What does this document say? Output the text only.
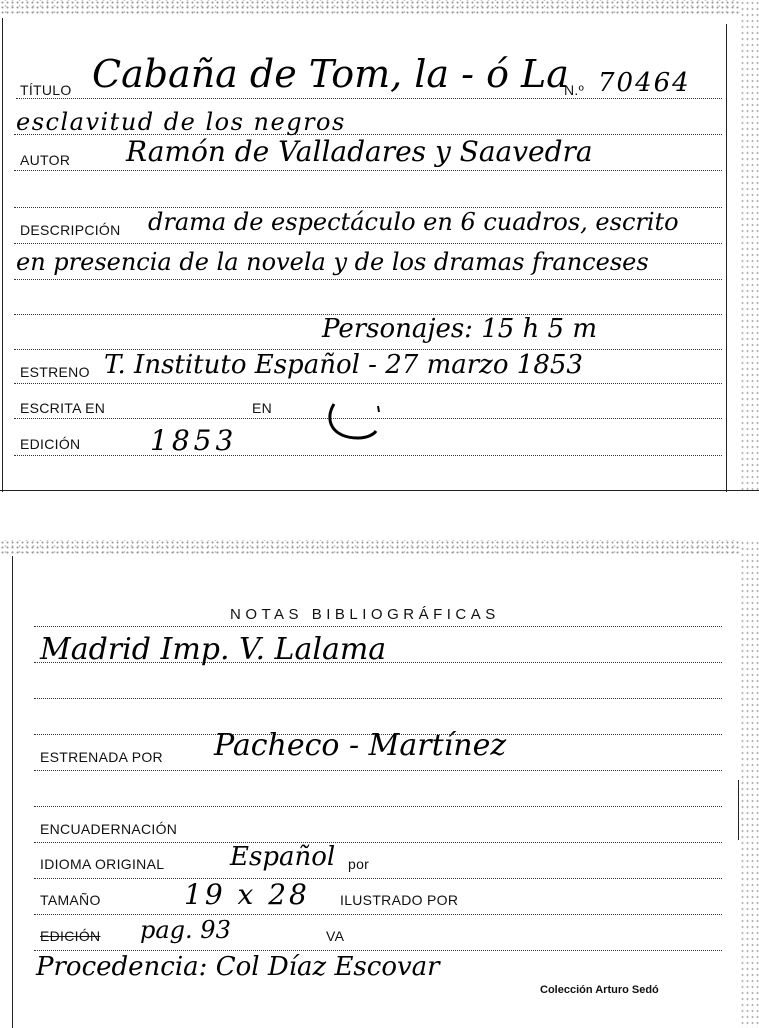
TÍTULO Cabaña de Tom, la - ó La
N.º 70464
esclavitud de los negros
AUTOR Ramón de Valladares y Saavedra
DESCRIPCIÓN drama de espectáculo en 6 cuadros, escrito
en presencia de la novela y de los dramas franceses
Personajes: 15 h 5 m
ESTRENO T. Instituto Español - 27 marzo 1853
ESCRITA EN	EN
EDICIÓN 1853
NOTAS BIBLIOGRÁFICAS
Madrid Imp. V. Lalama
ESTRENADA POR Pacheco - Martínez
ENCUADERNACIÓN
IDIOMA ORIGINAL	Español por
TAMAÑO	19 x 28 ILUSTRADO POR
EDICIÓN pag. 93	VA
Procedencia: Col Díaz Escovar
Colección Arturo Sedó
